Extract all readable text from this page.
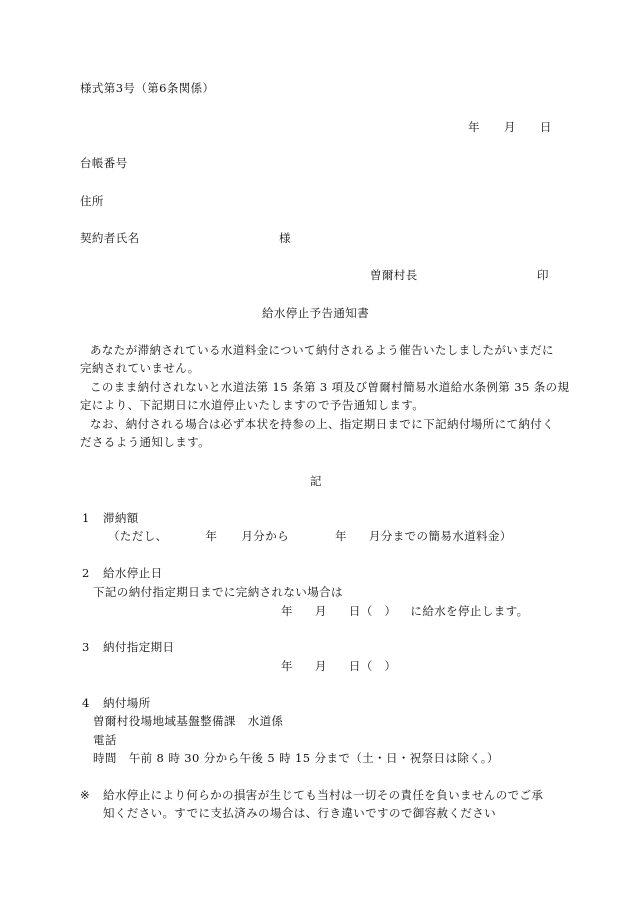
様式第3号（第6条関係）
年 月 日
台帳番号
住所
契約者氏名	様
曽爾村長	印
給水停止予告通知書
あなたが滞納されている水道料金について納付されるよう催告いたしましたがいまだに
完納されていません。
このまま納付されないと水道法第 15 条第 3 項及び曽爾村簡易水道給水条例第 35 条の規
定により、下記期日に水道停止いたしますので予告通知します。
なお、納付される場合は必ず本状を持参の上、指定期日までに下記納付場所にて納付く
ださるよう通知します。
記
1 滞納額
（ただし、	年 月分から	年 月分までの簡易水道料金）
2 給水停止日
下記の納付指定期日までに完納されない場合は
年 月 日（　） に給水を停止します。
3 納付指定期日
年 月 日（　）
4 納付場所
曽爾村役場地域基盤整備課　水道係
電話
時間　午前 8 時 30 分から午後 5 時 15 分まで（土・日・祝祭日は除く。）
※ 給水停止により何らかの損害が生じても当村は一切その責任を負いませんのでご承
知ください。すでに支払済みの場合は、行き違いですので御容赦ください
